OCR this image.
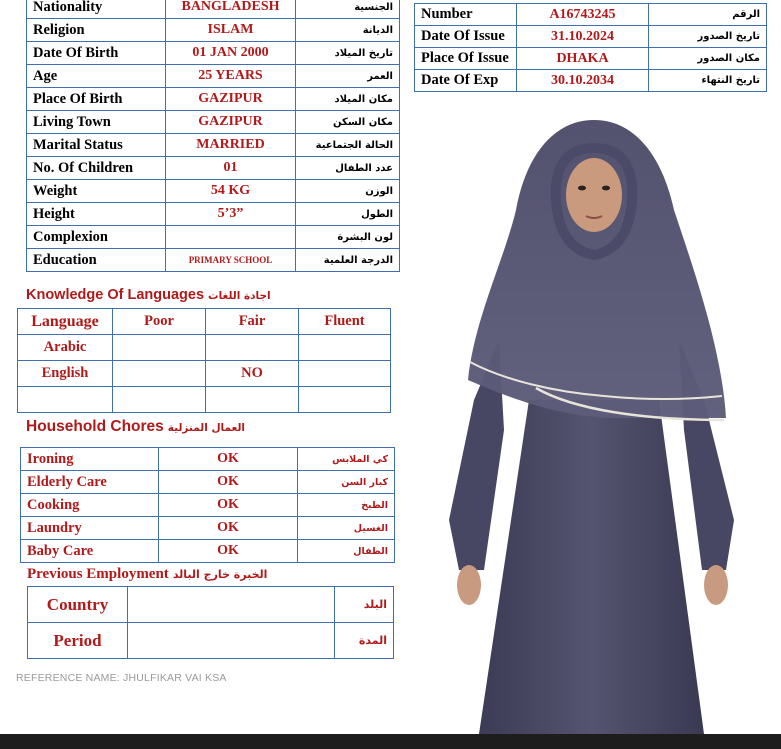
Nationality	BANGLADESH	الجنسية
Religion	ISLAM	الديانة
Date Of Birth	01 JAN 2000	تاريخ الميلاد
Age	25 YEARS	العمر
Place Of Birth	GAZIPUR	مكان الميلاد
Living Town	GAZIPUR	مكان السكن
Marital Status	MARRIED	الحالة الجتماعية
No. Of Children	01	عدد الطفال
Weight	54 KG	الوزن
Height	5’3”	الطول
Complexion		لون البشرة
Education	PRIMARY SCHOOL	الدرجة العلمية
Number	A16743245	الرقم
Date Of Issue	31.10.2024	تاريخ الصدور
Place Of Issue	DHAKA	مكان الصدور
Date Of Exp	30.10.2034	تاريخ النتهاء
Knowledge Of Languages اجادة اللغات
Language	Poor	Fair	Fluent
Arabic			
English		NO	

Household Chores العمال المنزلية
Ironing	OK	كي الملابس
Elderly Care	OK	كبار السن
Cooking	OK	الطبخ
Laundry	OK	الغسيل
Baby Care	OK	الطفال
Previous Employment الخبرة خارج البالد
Country		البلد
Period		المدة
REFERENCE NAME: JHULFIKAR VAI KSA
